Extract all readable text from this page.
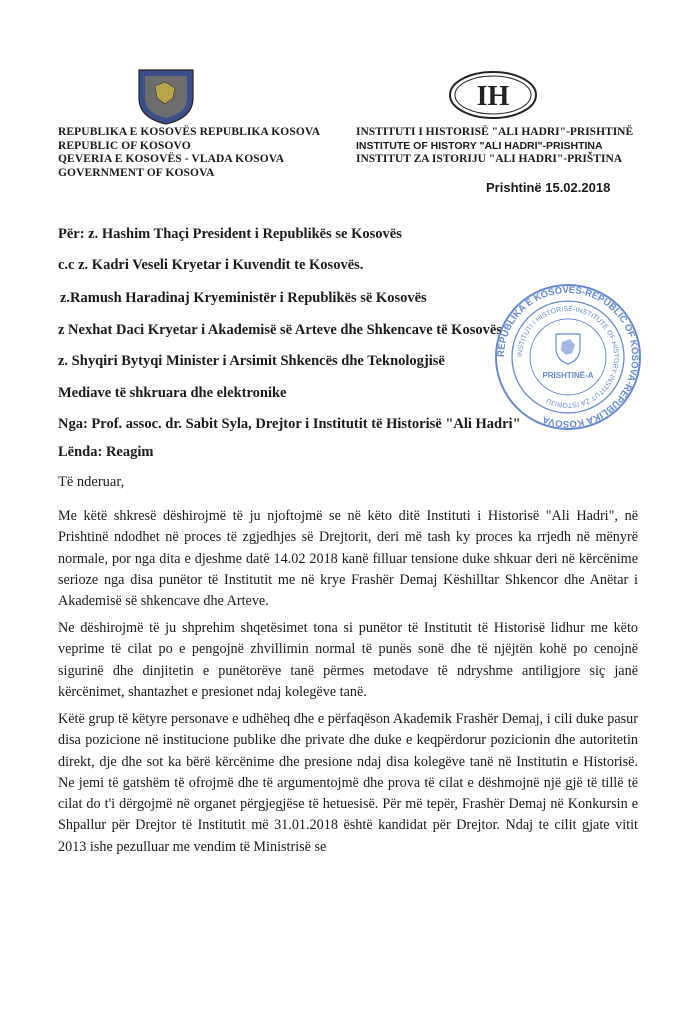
REPUBLIKA E KOSOVËS REPUBLIKA KOSOVA
REPUBLIC OF KOSOVO
QEVERIA E KOSOVËS - VLADA KOSOVA
GOVERNMENT OF KOSOVA
IH
INSTITUTI I HISTORISË "ALI HADRI"-PRISHTINË
INSTITUTE OF HISTORY "ALI HADRI"-PRISHTINA
INSTITUT ZA ISTORIJU "ALI HADRI"-PRIŠTINA
Prishtinë 15.02.2018
Për: z. Hashim Thaçi President i Republikës se Kosovës
c.c z. Kadri Veseli Kryetar i Kuvendit te Kosovës.
z.Ramush Haradinaj Kryeministër i Republikës së Kosovës
z Nexhat Daci Kryetar i Akademisë së Arteve dhe Shkencave të Kosovës
z. Shyqiri Bytyqi Minister i Arsimit Shkencës dhe Teknologjisë
Mediave të shkruara dhe elektronike
Nga: Prof. assoc. dr. Sabit Syla, Drejtor i Institutit të Historisë "Ali Hadri"
Lënda: Reagim
Të nderuar,
Me këtë shkresë dëshirojmë të ju njoftojmë se në këto ditë Instituti i Historisë "Ali Hadri", në Prishtinë ndodhet në proces të zgjedhjes së Drejtorit, deri më tash ky proces ka rrjedh në mënyrë normale, por nga dita e djeshme datë 14.02 2018 kanë filluar tensione duke shkuar deri në kërcënime serioze nga disa punëtor të Institutit me në krye Frashër Demaj Këshilltar Shkencor dhe Anëtar i Akademisë së shkencave dhe Arteve.
Ne dëshirojmë të ju shprehim shqetësimet tona si punëtor të Institutit të Historisë lidhur me këto veprime të cilat po e pengojnë zhvillimin normal të punës sonë dhe të njëjtën kohë po cenojnë sigurinë dhe dinjitetin e punëtorëve tanë përmes metodave të ndryshme antiligjore siç janë kërcënimet, shantazhet e presionet ndaj kolegëve tanë.
Këtë grup të këtyre personave e udhëheq dhe e përfaqëson Akademik Frashër Demaj, i cili duke pasur disa pozicione në institucione publike dhe private dhe duke e keqpërdorur pozicionin dhe autoritetin direkt, dje dhe sot ka bërë kërcënime dhe presione ndaj disa kolegëve tanë në Institutin e Historisë. Ne jemi të gatshëm të ofrojmë dhe të argumentojmë dhe prova të cilat e dëshmojnë një gjë të tillë të cilat do t'i dërgojmë në organet përgjegjëse të hetuesisë. Për më tepër, Frashër Demaj në Konkursin e Shpallur për Drejtor të Institutit më 31.01.2018 është kandidat për Drejtor. Ndaj te cilit gjate vitit 2013 ishe pezulluar me vendim të Ministrisë se
REPUBLIKA E KOSOVËS-REPUBLIC OF KOSOVA-REPUBLIKA KOSOVA
INSTITUTI I HISTORISË-INSTITUTE OF HISTORY-INSTITUT ZA ISTORIJU
PRISHTINË-A
